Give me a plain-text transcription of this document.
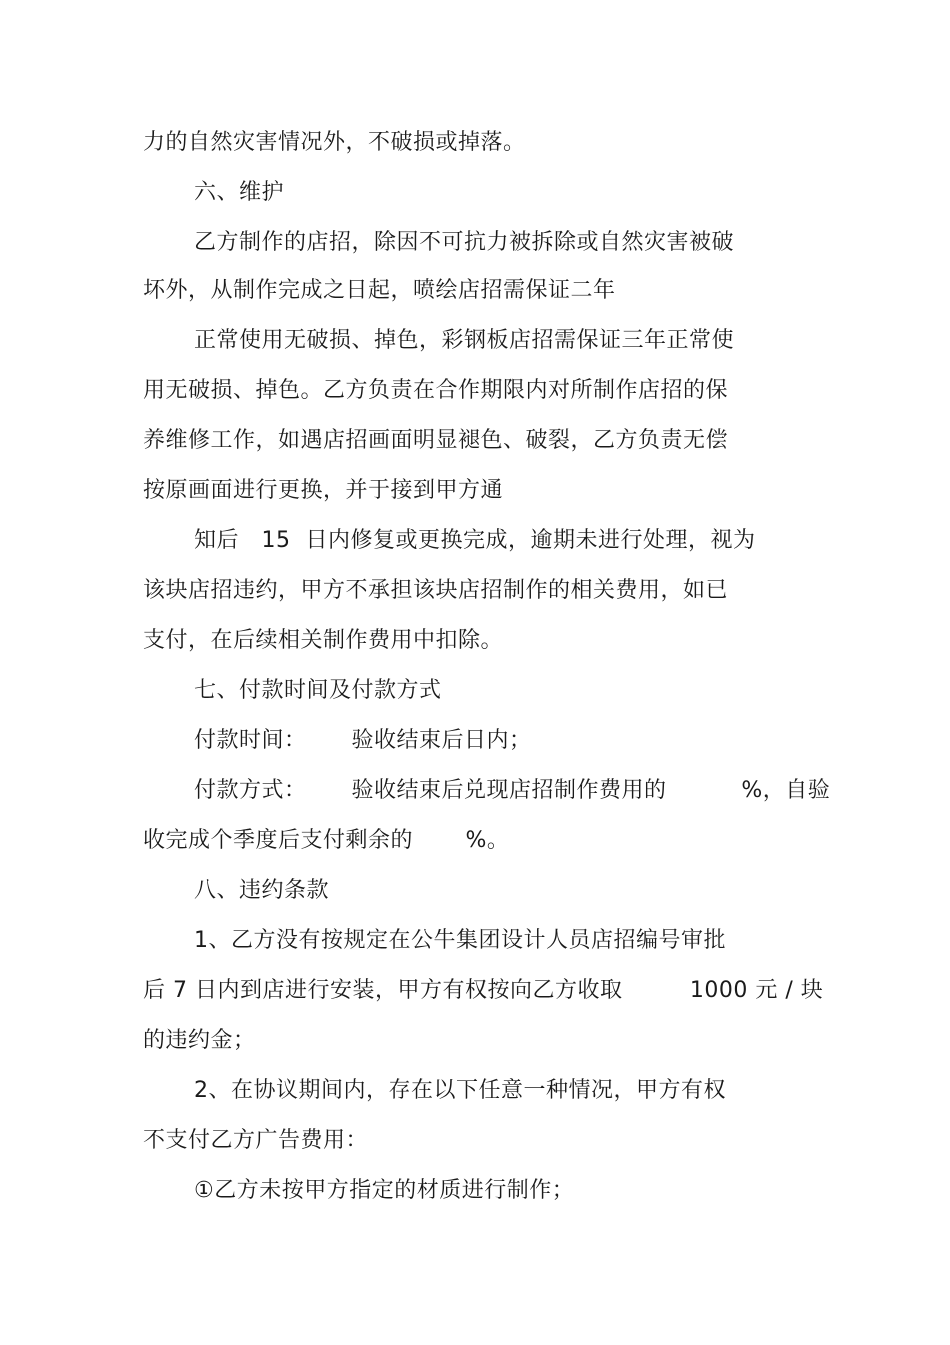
力的自然灾害情况外，不破损或掉落。
六、维护
乙方制作的店招，除因不可抗力被拆除或自然灾害被破
坏外，从制作完成之日起，喷绘店招需保证二年
正常使用无破损、掉色，彩钢板店招需保证三年正常使
用无破损、掉色。乙方负责在合作期限内对所制作店招的保
养维修工作，如遇店招画面明显褪色、破裂，乙方负责无偿
按原画面进行更换，并于接到甲方通
知后   15  日内修复或更换完成，逾期未进行处理，视为
该块店招违约，甲方不承担该块店招制作的相关费用，如已
支付，在后续相关制作费用中扣除。
七、付款时间及付款方式
付款时间：      验收结束后日内；
付款方式：      验收结束后兑现店招制作费用的          %，自验
收完成个季度后支付剩余的       %。
八、违约条款
1、乙方没有按规定在公牛集团设计人员店招编号审批
后 7 日内到店进行安装，甲方有权按向乙方收取         1000 元 / 块
的违约金；
2、在协议期间内，存在以下任意一种情况，甲方有权
不支付乙方广告费用：
①乙方未按甲方指定的材质进行制作；
